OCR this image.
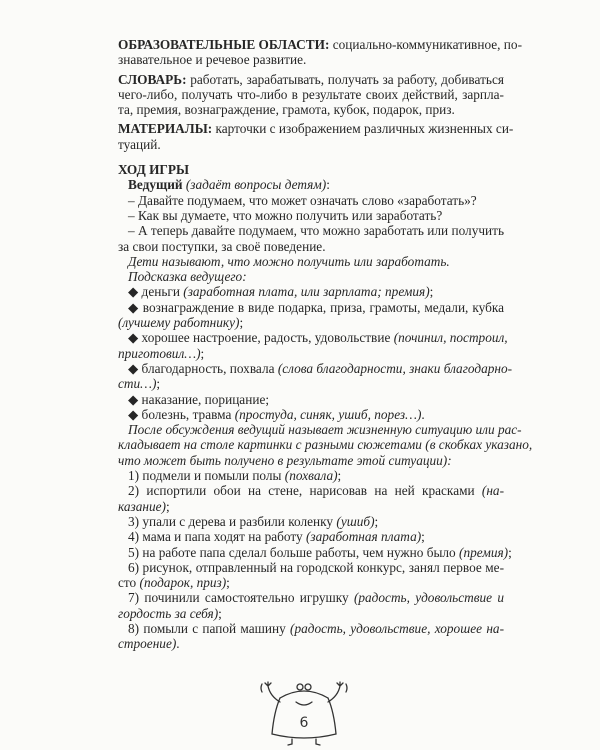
ОБРАЗОВАТЕЛЬНЫЕ ОБЛАСТИ: социально-коммуникативное, по-
знавательное и речевое развитие.
СЛОВАРЬ: работать, зарабатывать, получать за работу, добиваться
чего-либо, получать что-либо в результате своих действий, зарпла-
та, премия, вознаграждение, грамота, кубок, подарок, приз.
МАТЕРИАЛЫ: карточки с изображением различных жизненных си-
туаций.
ХОД ИГРЫ
Ведущий (задаёт вопросы детям):
– Давайте подумаем, что может означать слово «заработать»?
– Как вы думаете, что можно получить или заработать?
– А теперь давайте подумаем, что можно заработать или получить
за свои поступки, за своё поведение.
Дети называют, что можно получить или заработать.
Подсказка ведущего:
◆ деньги (заработная плата, или зарплата; премия);
◆ вознаграждение в виде подарка, приза, грамоты, медали, кубка
(лучшему работнику);
◆ хорошее настроение, радость, удовольствие (починил, построил,
приготовил…);
◆ благодарность, похвала (слова благодарности, знаки благодарно-
сти…);
◆ наказание, порицание;
◆ болезнь, травма (простуда, синяк, ушиб, порез…).
После обсуждения ведущий называет жизненную ситуацию или рас-
кладывает на столе картинки с разными сюжетами (в скобках указано,
что может быть получено в результате этой ситуации):
1) подмели и помыли полы (похвала);
2) испортили обои на стене, нарисовав на ней красками (на-
казание);
3) упали с дерева и разбили коленку (ушиб);
4) мама и папа ходят на работу (заработная плата);
5) на работе папа сделал больше работы, чем нужно было (премия);
6) рисунок, отправленный на городской конкурс, занял первое ме-
сто (подарок, приз);
7) починили самостоятельно игрушку (радость, удовольствие и
гордость за себя);
8) помыли с папой машину (радость, удовольствие, хорошее на-
строение).
6
